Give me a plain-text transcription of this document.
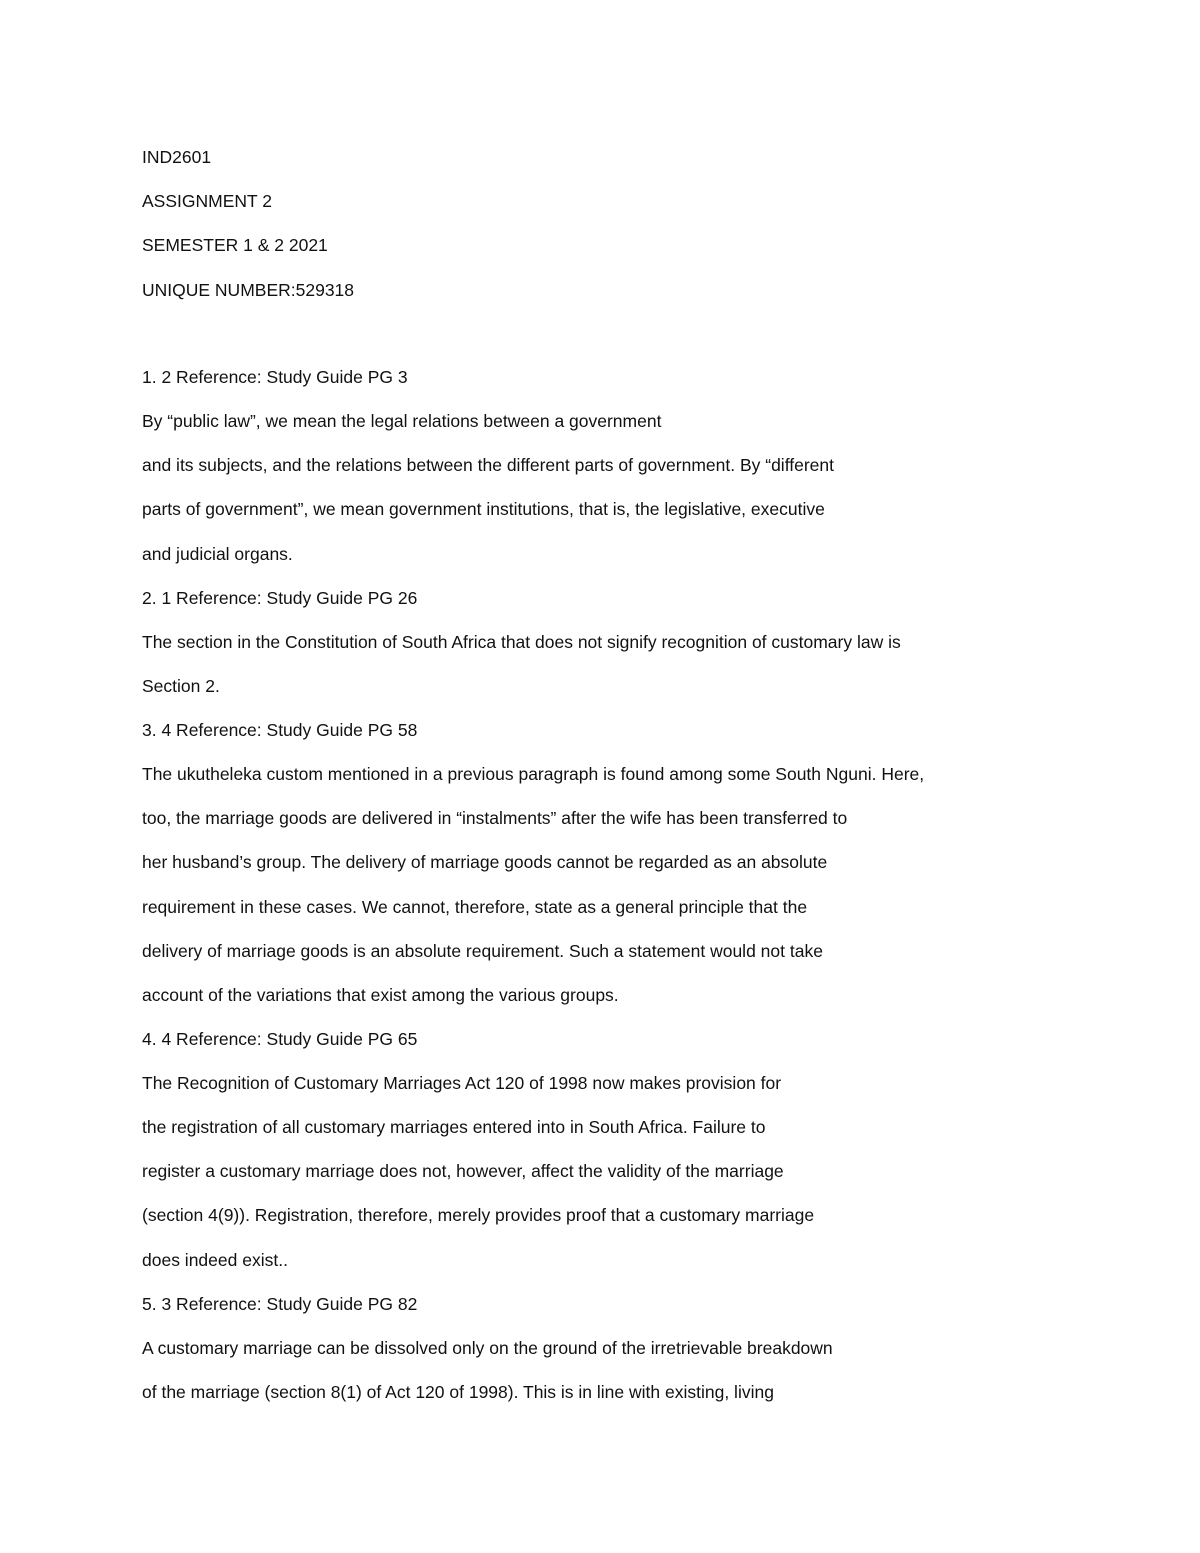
IND2601

ASSIGNMENT 2

SEMESTER 1 & 2 2021

UNIQUE NUMBER:529318

1. 2 Reference: Study Guide PG 3

By “public law”, we mean the legal relations between a government

and its subjects, and the relations between the different parts of government. By “different

parts of government”, we mean government institutions, that is, the legislative, executive

and judicial organs.

2. 1 Reference: Study Guide PG 26

The section in the Constitution of South Africa that does not signify recognition of customary law is

Section 2.

3. 4 Reference: Study Guide PG 58

The ukutheleka custom mentioned in a previous paragraph is found among some South Nguni. Here,

too, the marriage goods are delivered in “instalments” after the wife has been transferred to

her husband’s group. The delivery of marriage goods cannot be regarded as an absolute

requirement in these cases. We cannot, therefore, state as a general principle that the

delivery of marriage goods is an absolute requirement. Such a statement would not take

account of the variations that exist among the various groups.

4. 4 Reference: Study Guide PG 65

The Recognition of Customary Marriages Act 120 of 1998 now makes provision for

the registration of all customary marriages entered into in South Africa. Failure to

register a customary marriage does not, however, affect the validity of the marriage

(section 4(9)). Registration, therefore, merely provides proof that a customary marriage

does indeed exist..

5. 3 Reference: Study Guide PG 82

A customary marriage can be dissolved only on the ground of the irretrievable breakdown

of the marriage (section 8(1) of Act 120 of 1998). This is in line with existing, living
